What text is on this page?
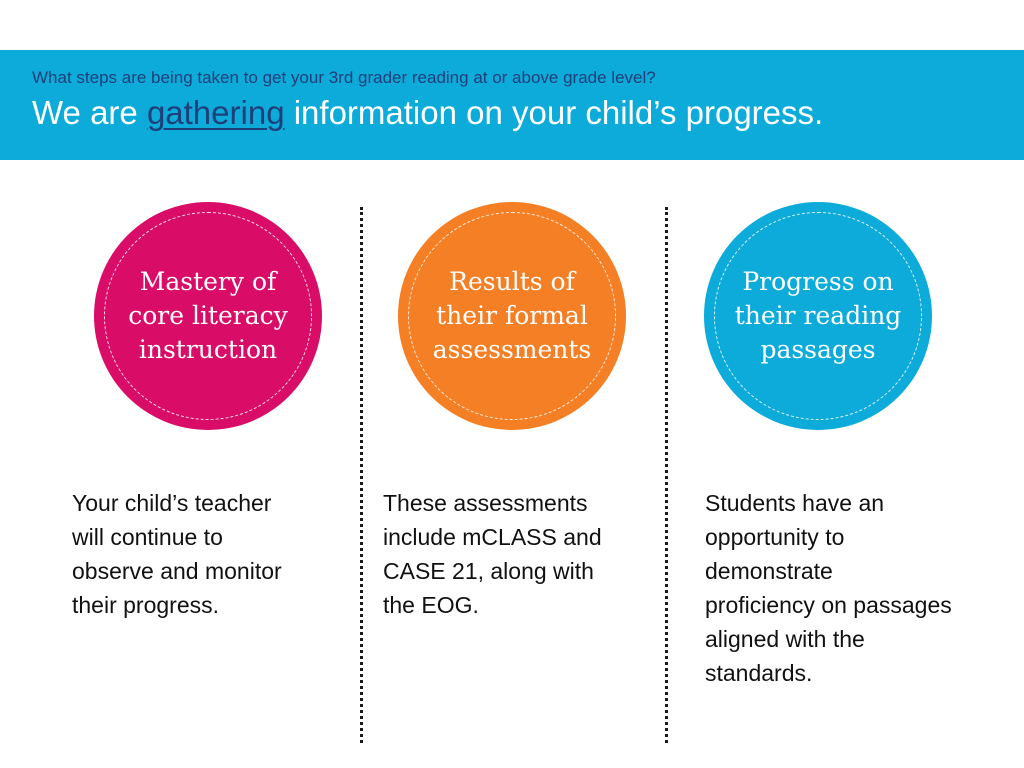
What steps are being taken to get your 3rd grader reading at or above grade level?
We are gathering information on your child’s progress.
Mastery of
core literacy
instruction
Your child’s teacher
will continue to
observe and monitor
their progress.
Results of
their formal
assessments
These assessments
include mCLASS and
CASE 21, along with
the EOG.
Progress on
their reading
passages
Students have an
opportunity to
demonstrate
proficiency on passages
aligned with the
standards.
